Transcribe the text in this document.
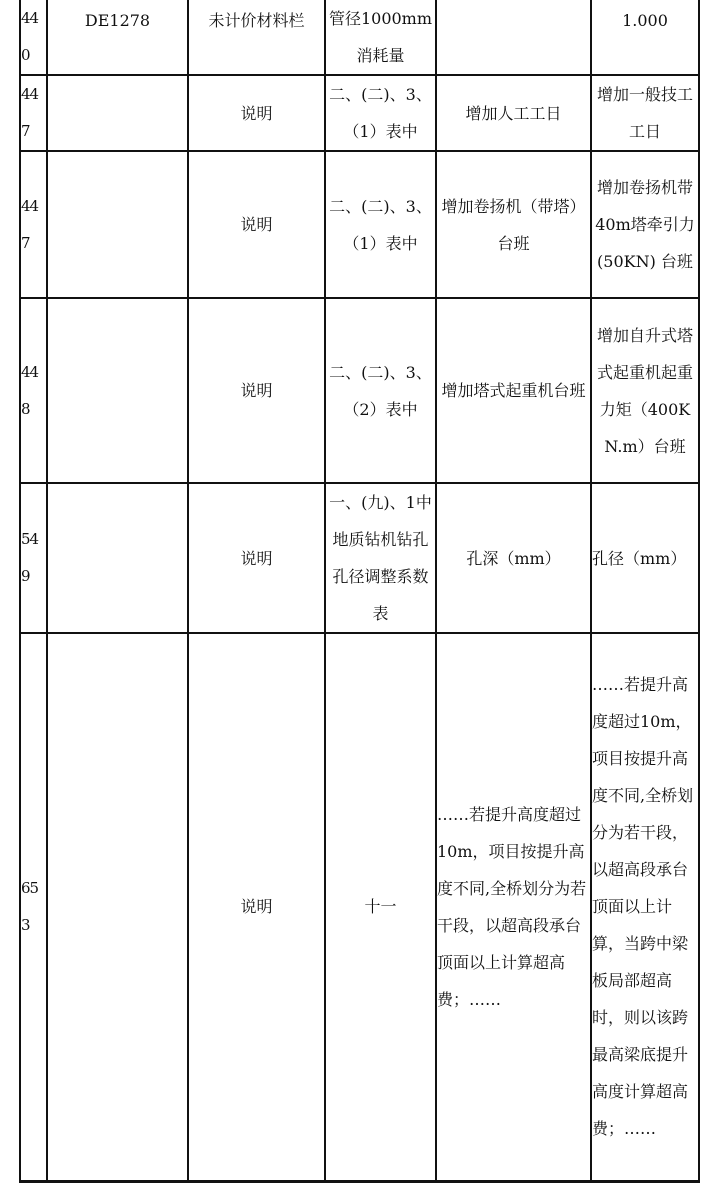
440	DE1278	未计价材料栏	管径1000mm消耗量		1.000
447		说明	二、(二)、3、（1）表中	增加人工工日	增加一般技工工日
447		说明	二、(二)、3、（1）表中	增加卷扬机（带塔）台班	增加卷扬机带40m塔牵引力(50KN) 台班
448		说明	二、(二)、3、（2）表中	增加塔式起重机台班	增加自升式塔式起重机起重力矩（400KN.m）台班
549		说明	一、(九)、1中地质钻机钻孔孔径调整系数表	孔深（mm）	孔径（mm）
653		说明	十一	……若提升高度超过10m，项目按提升高度不同,全桥划分为若干段，以超高段承台顶面以上计算超高费；……	……若提升高度超过10m，项目按提升高度不同,全桥划分为若干段，以超高段承台顶面以上计算，当跨中梁板局部超高时，则以该跨最高梁底提升高度计算超高费；……
